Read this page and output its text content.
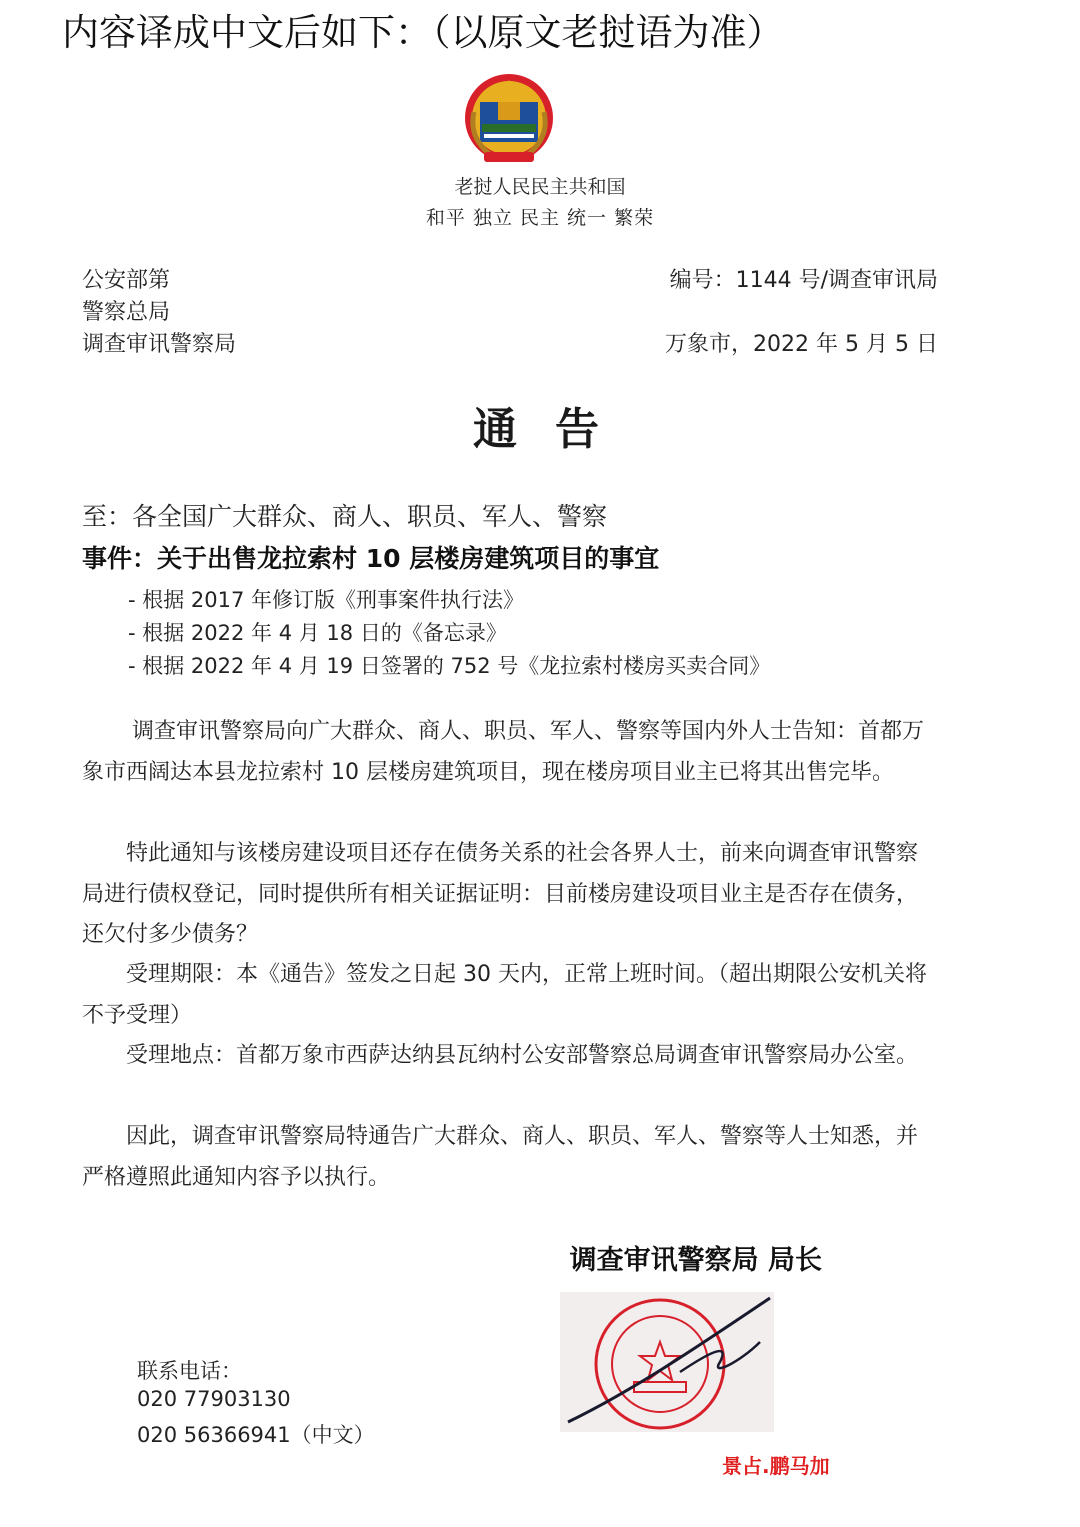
内容译成中文后如下：（以原文老挝语为准）
老挝人民民主共和国
和平 独立 民主 统一 繁荣
公安部第
警察总局
调查审讯警察局
编号：1144 号/调查审讯局
万象市，2022 年 5 月 5 日
通告
至：各全国广大群众、商人、职员、军人、警察
事件：关于出售龙拉索村 10 层楼房建筑项目的事宜
- 根据 2017 年修订版《刑事案件执行法》
- 根据 2022 年 4 月 18 日的《备忘录》
- 根据 2022 年 4 月 19 日签署的 752 号《龙拉索村楼房买卖合同》

调查审讯警察局向广大群众、商人、职员、军人、警察等国内外人士告知：首都万象市西阔达本县龙拉索村 10 层楼房建筑项目，现在楼房项目业主已将其出售完毕。

特此通知与该楼房建设项目还存在债务关系的社会各界人士，前来向调查审讯警察局进行债权登记，同时提供所有相关证据证明：目前楼房建设项目业主是否存在债务，还欠付多少债务？

受理期限：本《通告》签发之日起 30 天内，正常上班时间。（超出期限公安机关将不予受理）

受理地点：首都万象市西萨达纳县瓦纳村公安部警察总局调查审讯警察局办公室。

因此，调查审讯警察局特通告广大群众、商人、职员、军人、警察等人士知悉，并严格遵照此通知内容予以执行。

调查审讯警察局 局长
联系电话：
020 77903130
020 56366941（中文）
景占.鹏马加
